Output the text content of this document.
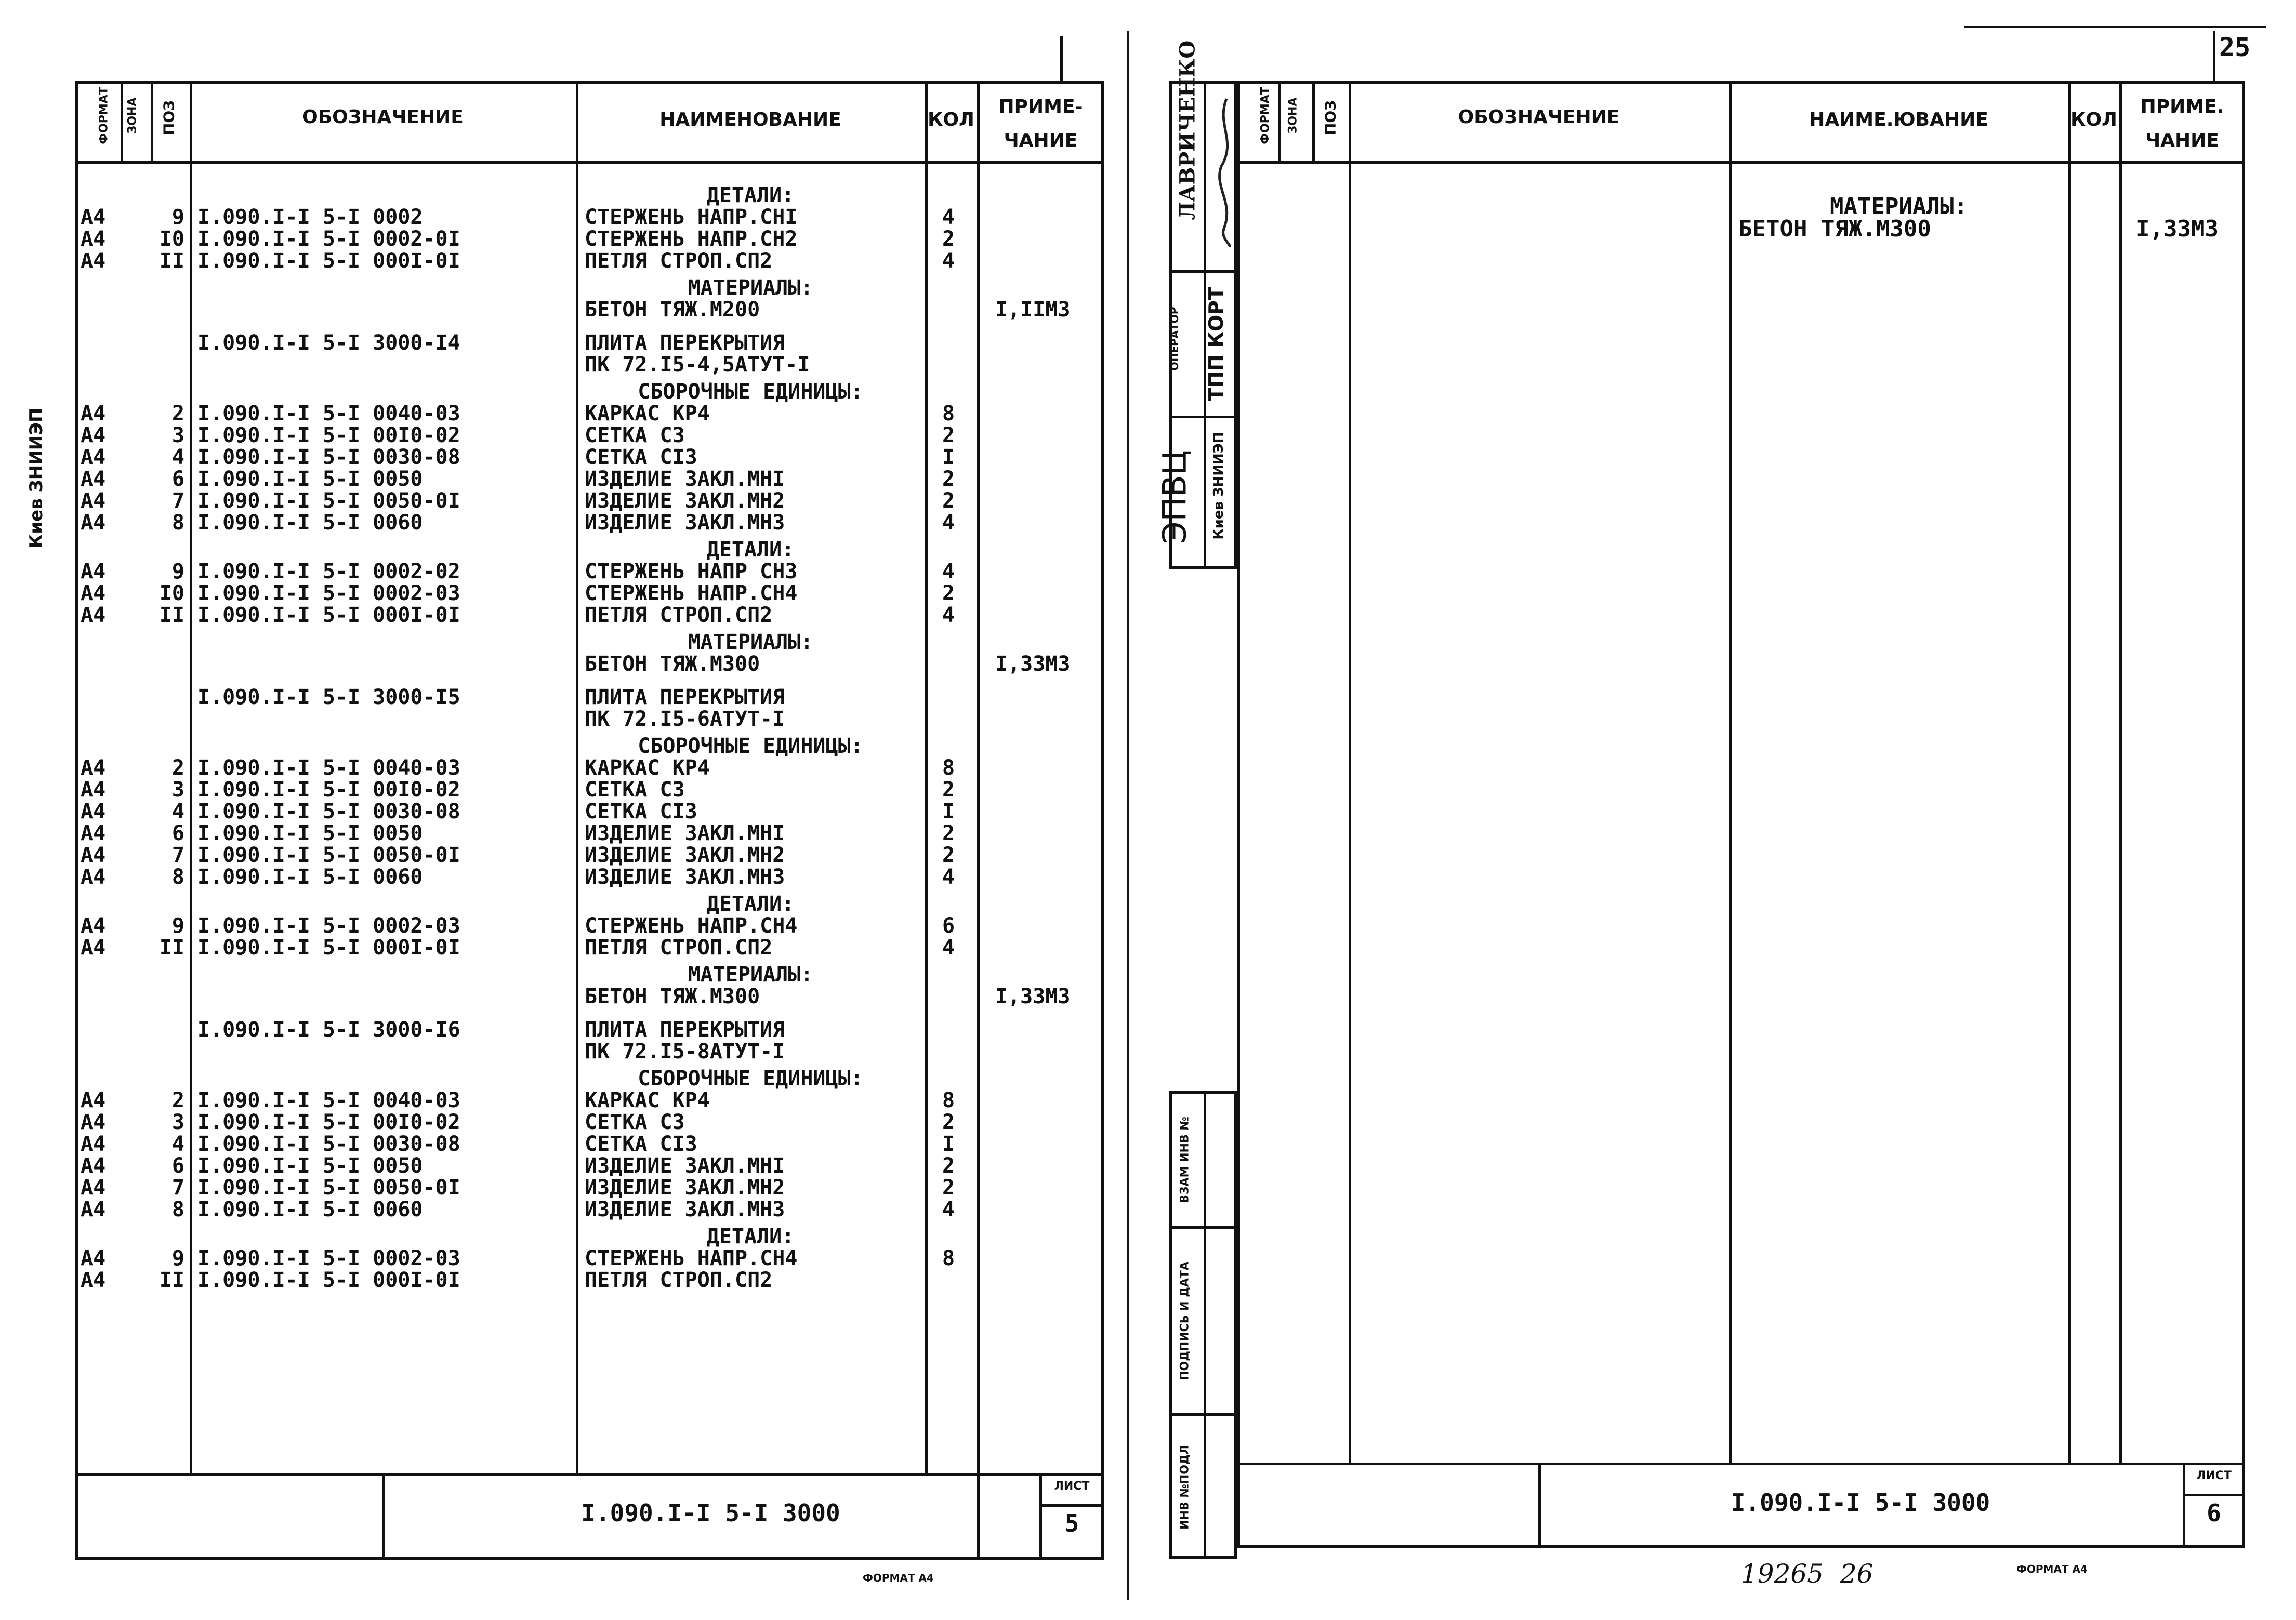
ФОРМАТ ЗОНА ПОЗ	ОБОЗНАЧЕНИЕ	НАИМЕНОВАНИЕ	КОЛ
ПРИМЕ-
ЧАНИЕ
ДЕТАЛИ:
А4	9 I.090.I-I 5-I 0002	СТЕРЖЕНЬ НАПР.СНI	4
А4	I0 I.090.I-I 5-I 0002-0I	СТЕРЖЕНЬ НАПР.СН2	2
А4	II I.090.I-I 5-I 000I-0I	ПЕТЛЯ СТРОП.СП2	4
МАТЕРИАЛЫ:
БЕТОН ТЯЖ.М200	I,IIМ3
I.090.I-I 5-I 3000-I4	ПЛИТА ПЕРЕКРЫТИЯ
ПК 72.I5-4,5АТУТ-I
СБОРОЧНЫЕ ЕДИНИЦЫ:
А4	2 I.090.I-I 5-I 0040-03	КАРКАС КР4	8
А4	3 I.090.I-I 5-I 00I0-02	СЕТКА С3	2
А4	4 I.090.I-I 5-I 0030-08	СЕТКА СI3	I
А4	6 I.090.I-I 5-I 0050	ИЗДЕЛИЕ ЗАКЛ.МНI	2
А4	7 I.090.I-I 5-I 0050-0I	ИЗДЕЛИЕ ЗАКЛ.МН2	2
А4	8 I.090.I-I 5-I 0060	ИЗДЕЛИЕ ЗАКЛ.МН3	4
ДЕТАЛИ:
А4	9 I.090.I-I 5-I 0002-02	СТЕРЖЕНЬ НАПР СН3	4
А4	I0 I.090.I-I 5-I 0002-03	СТЕРЖЕНЬ НАПР.СН4	2
А4	II I.090.I-I 5-I 000I-0I	ПЕТЛЯ СТРОП.СП2	4
МАТЕРИАЛЫ:
БЕТОН ТЯЖ.М300	I,33М3
I.090.I-I 5-I 3000-I5	ПЛИТА ПЕРЕКРЫТИЯ
ПК 72.I5-6АТУТ-I
СБОРОЧНЫЕ ЕДИНИЦЫ:
А4	2 I.090.I-I 5-I 0040-03	КАРКАС КР4	8
А4	3 I.090.I-I 5-I 00I0-02	СЕТКА С3	2
А4	4 I.090.I-I 5-I 0030-08	СЕТКА СI3	I
А4	6 I.090.I-I 5-I 0050	ИЗДЕЛИЕ ЗАКЛ.МНI	2
А4	7 I.090.I-I 5-I 0050-0I	ИЗДЕЛИЕ ЗАКЛ.МН2	2
А4	8 I.090.I-I 5-I 0060	ИЗДЕЛИЕ ЗАКЛ.МН3	4
ДЕТАЛИ:
А4	9 I.090.I-I 5-I 0002-03	СТЕРЖЕНЬ НАПР.СН4	6
А4	II I.090.I-I 5-I 000I-0I	ПЕТЛЯ СТРОП.СП2	4
МАТЕРИАЛЫ:
БЕТОН ТЯЖ.М300	I,33М3
I.090.I-I 5-I 3000-I6	ПЛИТА ПЕРЕКРЫТИЯ
ПК 72.I5-8АТУТ-I
СБОРОЧНЫЕ ЕДИНИЦЫ:
А4	2 I.090.I-I 5-I 0040-03	КАРКАС КР4	8
А4	3 I.090.I-I 5-I 00I0-02	СЕТКА С3	2
А4	4 I.090.I-I 5-I 0030-08	СЕТКА СI3	I
А4	6 I.090.I-I 5-I 0050	ИЗДЕЛИЕ ЗАКЛ.МНI	2
А4	7 I.090.I-I 5-I 0050-0I	ИЗДЕЛИЕ ЗАКЛ.МН2	2
А4	8 I.090.I-I 5-I 0060	ИЗДЕЛИЕ ЗАКЛ.МН3	4
ДЕТАЛИ:
А4	9 I.090.I-I 5-I 0002-03	СТЕРЖЕНЬ НАПР.СН4	8
А4	II I.090.I-I 5-I 000I-0I	ПЕТЛЯ СТРОП.СП2
Киев ЗНИИЭП
I.090.I-I 5-I 3000
ЛИСТ
5
ФОРМАТ А4
25
ЛАВРИЧЕНКО
ОПЕРАТОР ТПП КОРТ
ЭПВЦ Киев ЗНИИЭП
ИНВ №ПОДЛ
ПОДПИСЬ И ДАТА
ВЗАМ ИНВ №
ФОРМАТ ЗОНА ПОЗ	ОБОЗНАЧЕНИЕ	НАИМЕ.ЮВАНИЕ	КОЛ
ПРИМЕ.
ЧАНИЕ
МАТЕРИАЛЫ:
БЕТОН ТЯЖ.М300	I,33М3
I.090.I-I 5-I 3000
ЛИСТ
6
19265  26	ФОРМАТ А4
